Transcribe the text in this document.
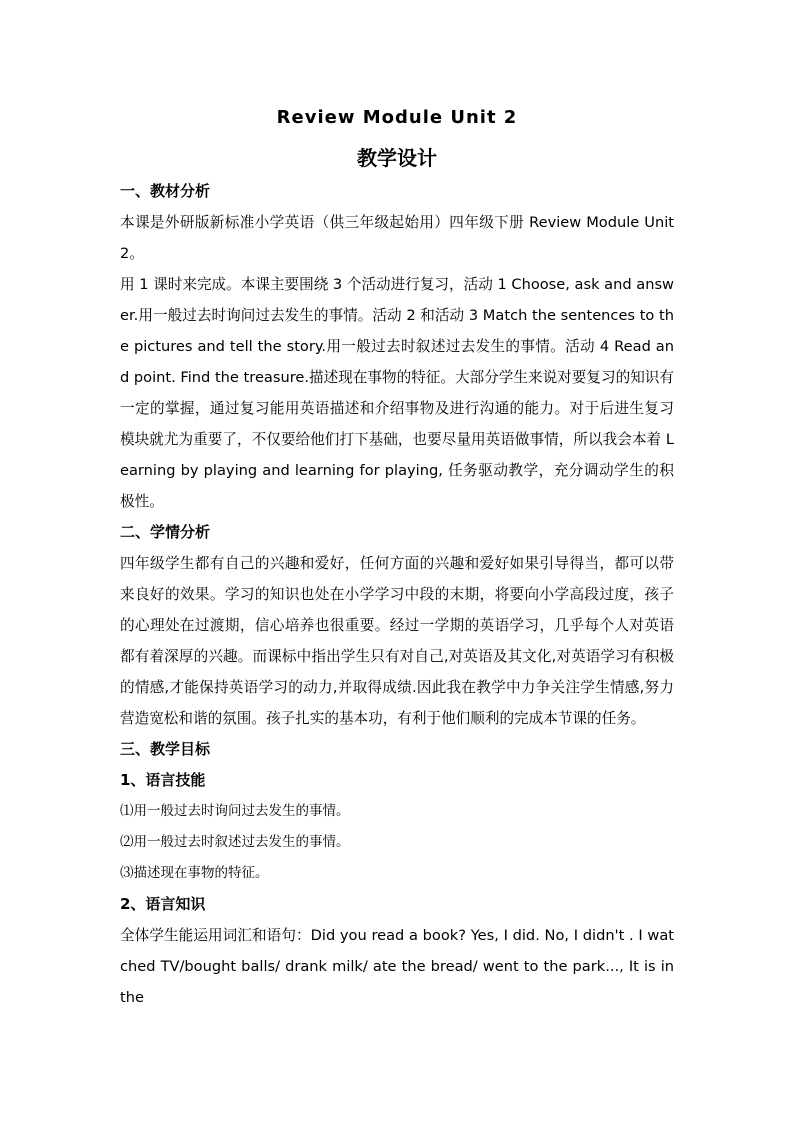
Review Module Unit 2
教学设计
一、教材分析

本课是外研版新标准小学英语（供三年级起始用）四年级下册 Review Module Unit 2。

用 1 课时来完成。本课主要围绕 3 个活动进行复习，活动 1 Choose, ask and answer.用一般过去时询问过去发生的事情。活动 2 和活动 3 Match the sentences to the pictures and tell the story.用一般过去时叙述过去发生的事情。活动 4 Read and point. Find the treasure.描述现在事物的特征。大部分学生来说对要复习的知识有一定的掌握，通过复习能用英语描述和介绍事物及进行沟通的能力。对于后进生复习模块就尤为重要了，不仅要给他们打下基础，也要尽量用英语做事情，所以我会本着 Learning by playing and learning for playing, 任务驱动教学，充分调动学生的积极性。

二、学情分析

四年级学生都有自己的兴趣和爱好，任何方面的兴趣和爱好如果引导得当，都可以带来良好的效果。学习的知识也处在小学学习中段的末期，将要向小学高段过度，孩子的心理处在过渡期，信心培养也很重要。经过一学期的英语学习，几乎每个人对英语都有着深厚的兴趣。而课标中指出学生只有对自己,对英语及其文化,对英语学习有积极的情感,才能保持英语学习的动力,并取得成绩.因此我在教学中力争关注学生情感,努力营造宽松和谐的氛围。孩子扎实的基本功，有利于他们顺利的完成本节课的任务。

三、教学目标
1、语言技能

⑴用一般过去时询问过去发生的事情。

⑵用一般过去时叙述过去发生的事情。

⑶描述现在事物的特征。

2、语言知识

全体学生能运用词汇和语句：Did you read a book? Yes, I did. No, I didn't . I watched TV/bought balls/ drank milk/ ate the bread/ went to the park..., It is in the
